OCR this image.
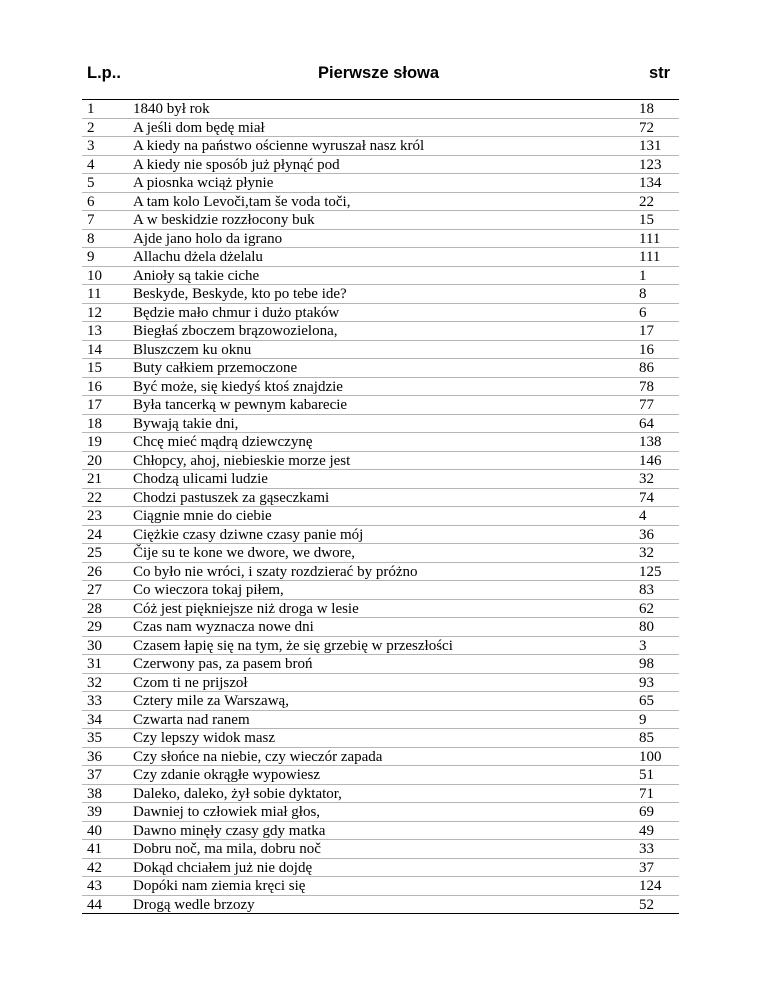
L.p..	Pierwsze słowa	str
1	1840 był rok	18
2	A jeśli dom będę miał	72
3	A kiedy na państwo ościenne wyruszał nasz król	131
4	A kiedy nie sposób już płynąć pod	123
5	A piosnka wciąż płynie	134
6	A tam kolo Levoči,tam še voda toči,	22
7	A w beskidzie rozzłocony buk	15
8	Ajde jano holo da igrano	111
9	Allachu dżela dżelalu	111
10 Anioły są takie ciche	1
11 Beskyde, Beskyde, kto po tebe ide?	8
12 Będzie mało chmur i dużo ptaków	6
13 Biegłaś zboczem brązowozielona,	17
14 Bluszczem ku oknu	16
15 Buty całkiem przemoczone	86
16 Być może, się kiedyś ktoś znajdzie	78
17 Była tancerką w pewnym kabarecie	77
18 Bywają takie dni,	64
19 Chcę mieć mądrą dziewczynę	138
20 Chłopcy, ahoj, niebieskie morze jest	146
21 Chodzą ulicami ludzie	32
22 Chodzi pastuszek za gąseczkami	74
23 Ciągnie mnie do ciebie	4
24 Ciężkie czasy dziwne czasy panie mój	36
25 Čije su te kone we dwore, we dwore,	32
26 Co było nie wróci, i szaty rozdzierać by próżno	125
27 Co wieczora tokaj piłem,	83
28 Cóż jest piękniejsze niż droga w lesie	62
29 Czas nam wyznacza nowe dni	80
30 Czasem łapię się na tym, że się grzebię w przeszłości	3
31 Czerwony pas, za pasem broń	98
32 Czom ti ne prijszoł	93
33 Cztery mile za Warszawą,	65
34 Czwarta nad ranem	9
35 Czy lepszy widok masz	85
36 Czy słońce na niebie, czy wieczór zapada	100
37 Czy zdanie okrągłe wypowiesz	51
38 Daleko, daleko, żył sobie dyktator,	71
39 Dawniej to człowiek miał głos,	69
40 Dawno minęły czasy gdy matka	49
41 Dobru noč, ma mila, dobru noč	33
42 Dokąd chciałem już nie dojdę	37
43 Dopóki nam ziemia kręci się	124
44 Drogą wedle brzozy	52
